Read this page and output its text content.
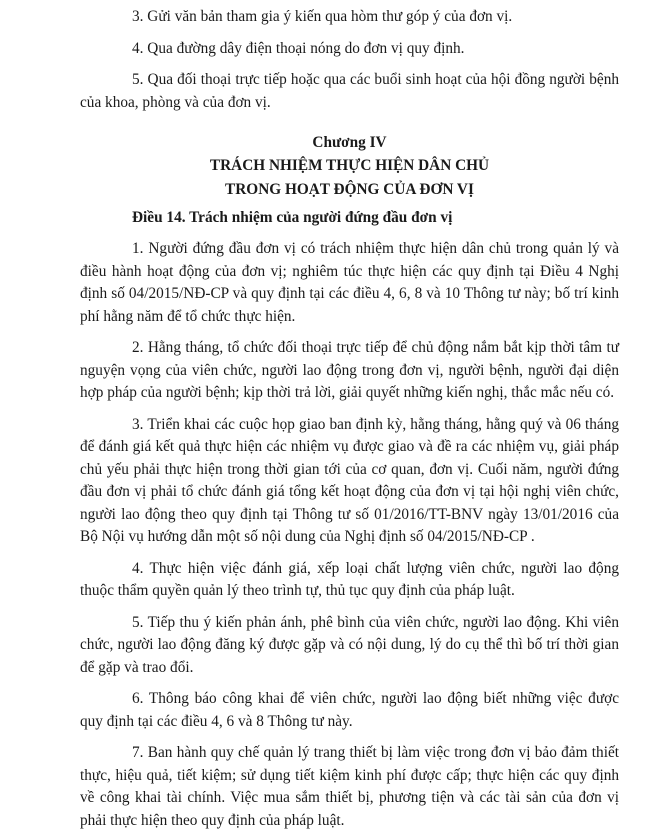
3. Gửi văn bản tham gia ý kiến qua hòm thư góp ý của đơn vị.

4. Qua đường dây điện thoại nóng do đơn vị quy định.

5. Qua đối thoại trực tiếp hoặc qua các buổi sinh hoạt của hội đồng người bệnh của khoa, phòng và của đơn vị.

Chương IV

TRÁCH NHIỆM THỰC HIỆN DÂN CHỦ

TRONG HOẠT ĐỘNG CỦA ĐƠN VỊ

Điều 14. Trách nhiệm của người đứng đầu đơn vị

1. Người đứng đầu đơn vị có trách nhiệm thực hiện dân chủ trong quản lý và điều hành hoạt động của đơn vị; nghiêm túc thực hiện các quy định tại Điều 4 Nghị định số 04/2015/NĐ-CP và quy định tại các điều 4, 6, 8 và 10 Thông tư này; bố trí kinh phí hằng năm để tổ chức thực hiện.

2. Hằng tháng, tổ chức đối thoại trực tiếp để chủ động nắm bắt kịp thời tâm tư nguyện vọng của viên chức, người lao động trong đơn vị, người bệnh, người đại diện hợp pháp của người bệnh; kịp thời trả lời, giải quyết những kiến nghị, thắc mắc nếu có.

3. Triển khai các cuộc họp giao ban định kỳ, hằng tháng, hằng quý và 06 tháng để đánh giá kết quả thực hiện các nhiệm vụ được giao và đề ra các nhiệm vụ, giải pháp chủ yếu phải thực hiện trong thời gian tới của cơ quan, đơn vị. Cuối năm, người đứng đầu đơn vị phải tổ chức đánh giá tổng kết hoạt động của đơn vị tại hội nghị viên chức, người lao động theo quy định tại Thông tư số 01/2016/TT-BNV ngày 13/01/2016 của Bộ Nội vụ hướng dẫn một số nội dung của Nghị định số 04/2015/NĐ-CP .

4. Thực hiện việc đánh giá, xếp loại chất lượng viên chức, người lao động thuộc thẩm quyền quản lý theo trình tự, thủ tục quy định của pháp luật.

5. Tiếp thu ý kiến phản ánh, phê bình của viên chức, người lao động. Khi viên chức, người lao động đăng ký được gặp và có nội dung, lý do cụ thể thì bố trí thời gian để gặp và trao đổi.

6. Thông báo công khai để viên chức, người lao động biết những việc được quy định tại các điều 4, 6 và 8 Thông tư này.

7. Ban hành quy chế quản lý trang thiết bị làm việc trong đơn vị bảo đảm thiết thực, hiệu quả, tiết kiệm; sử dụng tiết kiệm kinh phí được cấp; thực hiện các quy định về công khai tài chính. Việc mua sắm thiết bị, phương tiện và các tài sản của đơn vị phải thực hiện theo quy định của pháp luật.
